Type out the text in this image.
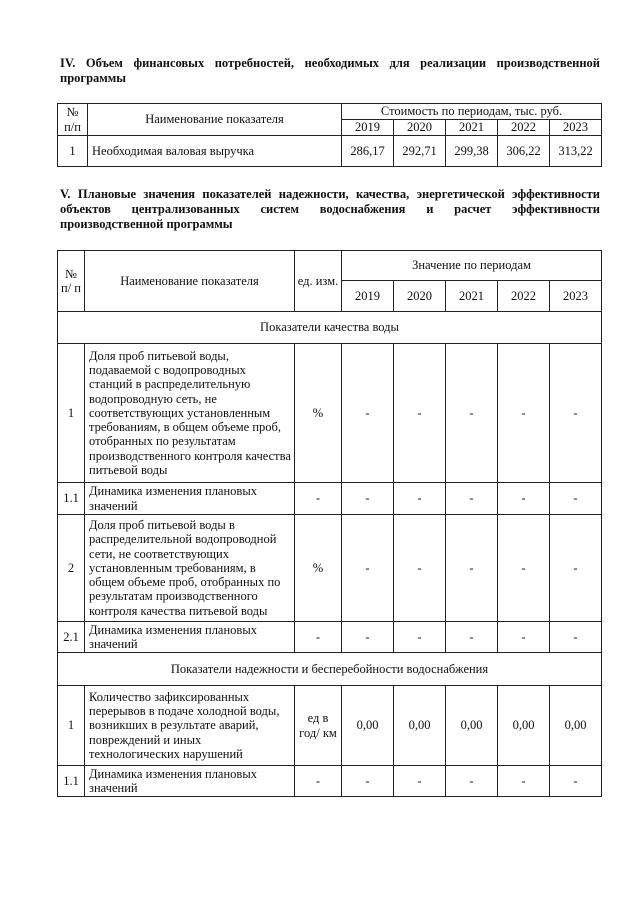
IV. Объем финансовых потребностей, необходимых для реализации производственной программы
№ п/п	Наименование показателя	Стоимость по периодам, тыс. руб.				
		2019	2020	2021	2022	2023
1	Необходимая валовая выручка	286,17	292,71	299,38	306,22	313,22
V. Плановые значения показателей надежности, качества, энергетической эффективности объектов централизованных систем водоснабжения и расчет эффективности производственной программы
№ п/ п	Наименование показателя	ед. изм.	Значение по периодам				
			2019	2020	2021	2022	2023
Показатели качества воды							
1	Доля проб питьевой воды, подаваемой с водопроводных станций в распределительную водопроводную сеть, не соответствующих установленным требованиям, в общем объеме проб, отобранных по результатам производственного контроля качества питьевой воды	%	-	-	-	-	-
1.1	Динамика изменения плановых значений	-	-	-	-	-	-
2	Доля проб питьевой воды в распределительной водопроводной сети, не соответствующих установленным требованиям, в общем объеме проб, отобранных по результатам производственного контроля качества питьевой воды	%	-	-	-	-	-
2.1	Динамика изменения плановых значений	-	-	-	-	-	-
Показатели надежности и бесперебойности водоснабжения							
1	Количество зафиксированных перерывов в подаче холодной воды, возникших в результате аварий, повреждений и иных технологических нарушений	ед в год/ км	0,00	0,00	0,00	0,00	0,00
1.1	Динамика изменения плановых значений	-	-	-	-	-	-
